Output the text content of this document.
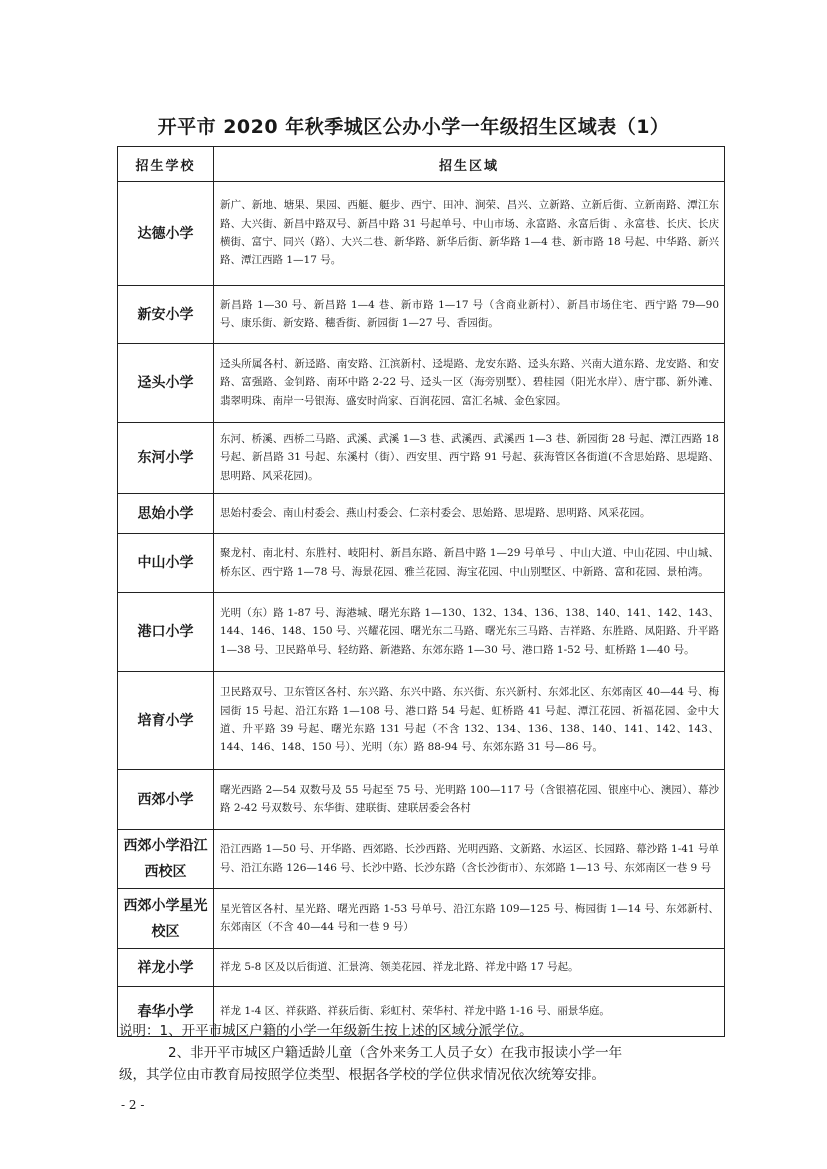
开平市 2020 年秋季城区公办小学一年级招生区域表（1）
招生学校	招生区域
达德小学	新广、新地、塘果、果园、西艇、艇步、西宁、田冲、涧荣、昌兴、立新路、立新后街、立新南路、潭江东路、大兴街、新昌中路双号、新昌中路 31 号起单号、中山市场、永富路、永富后街 、永富巷、长庆、长庆横街、富宁、同兴（路）、大兴二巷、新华路、新华后街、新华路 1—4 巷、新市路 18 号起、中华路、新兴路、潭江西路 1—17 号。
新安小学	新昌路 1—30 号、新昌路 1—4 巷、新市路 1—17 号（含商业新村）、新昌市场住宅、西宁路 79—90 号、康乐街、新安路、穗香街、新园街 1—27 号、香园街。
迳头小学	迳头所属各村、新迳路、南安路、江滨新村、迳堤路、龙安东路、迳头东路、兴南大道东路、龙安路、和安路、富强路、金钊路、南环中路 2-22 号、迳头一区（海旁别墅）、碧桂园（阳光水岸）、唐宁郡、新外滩、翡翠明珠、南岸一号银海、盛安时尚家、百润花园、富汇名城、金色家园。
东河小学	东河、桥溪、西桥二马路、武溪、武溪 1—3 巷、武溪西、武溪西 1—3 巷、新园街 28 号起、潭江西路 18 号起、新昌路 31 号起、东溪村（街）、西安里、西宁路 91 号起、荻海管区各街道(不含思始路、思堤路、思明路、风采花园)。
思始小学	思始村委会、南山村委会、燕山村委会、仁亲村委会、思始路、思堤路、思明路、风采花园。
中山小学	聚龙村、南北村、东胜村、岐阳村、新昌东路、新昌中路 1—29 号单号 、中山大道、中山花园、中山城、桥东区、西宁路 1—78 号、海景花园、雅兰花园、海宝花园、中山别墅区、中新路、富和花园、景柏湾。
港口小学	光明（东）路 1-87 号、海港城、曙光东路 1—130、132、134、136、138、140、141、142、143、144、146、148、150 号、兴耀花园、曙光东二马路、曙光东三马路、吉祥路、东胜路、凤阳路、升平路 1—38 号、卫民路单号、轻纺路、新港路、东郊东路 1—30 号、港口路 1-52 号、虹桥路 1—40 号。
培育小学	卫民路双号、卫东管区各村、东兴路、东兴中路、东兴街、东兴新村、东郊北区、东郊南区 40—44 号、梅园街 15 号起、沿江东路 1—108 号、港口路 54 号起、虹桥路 41 号起、潭江花园、祈福花园、金中大道、升平路 39 号起、曙光东路 131 号起（不含 132、134、136、138、140、141、142、143、144、146、148、150 号）、光明（东）路 88-94 号、东郊东路 31 号—86 号。
西郊小学	曙光西路 2—54 双数号及 55 号起至 75 号、光明路 100—117 号（含银禧花园、银座中心、澳园）、幕沙路 2-42 号双数号、东华街、建联街、建联居委会各村
西郊小学沿江西校区	沿江西路 1—50 号、开华路、西郊路、长沙西路、光明西路、文新路、水运区、长园路、幕沙路 1-41 号单号、沿江东路 126—146 号、长沙中路、长沙东路（含长沙街市）、东郊路 1—13 号、东郊南区一巷 9 号
西郊小学星光校区	星光管区各村、星光路、曙光西路 1-53 号单号、沿江东路 109—125 号、梅园街 1—14 号、东郊新村、东郊南区（不含 40—44 号和一巷 9 号）
祥龙小学	祥龙 5-8 区及以后街道、汇景湾、领美花园、祥龙北路、祥龙中路 17 号起。
春华小学	祥龙 1-4 区、祥荻路、祥荻后街、彩虹村、荣华村、祥龙中路 1-16 号、丽景华庭。
说明：1、开平市城区户籍的小学一年级新生按上述的区域分派学位。
2、非开平市城区户籍适龄儿童（含外来务工人员子女）在我市报读小学一年
级，其学位由市教育局按照学位类型、根据各学校的学位供求情况依次统筹安排。
- 2 -
